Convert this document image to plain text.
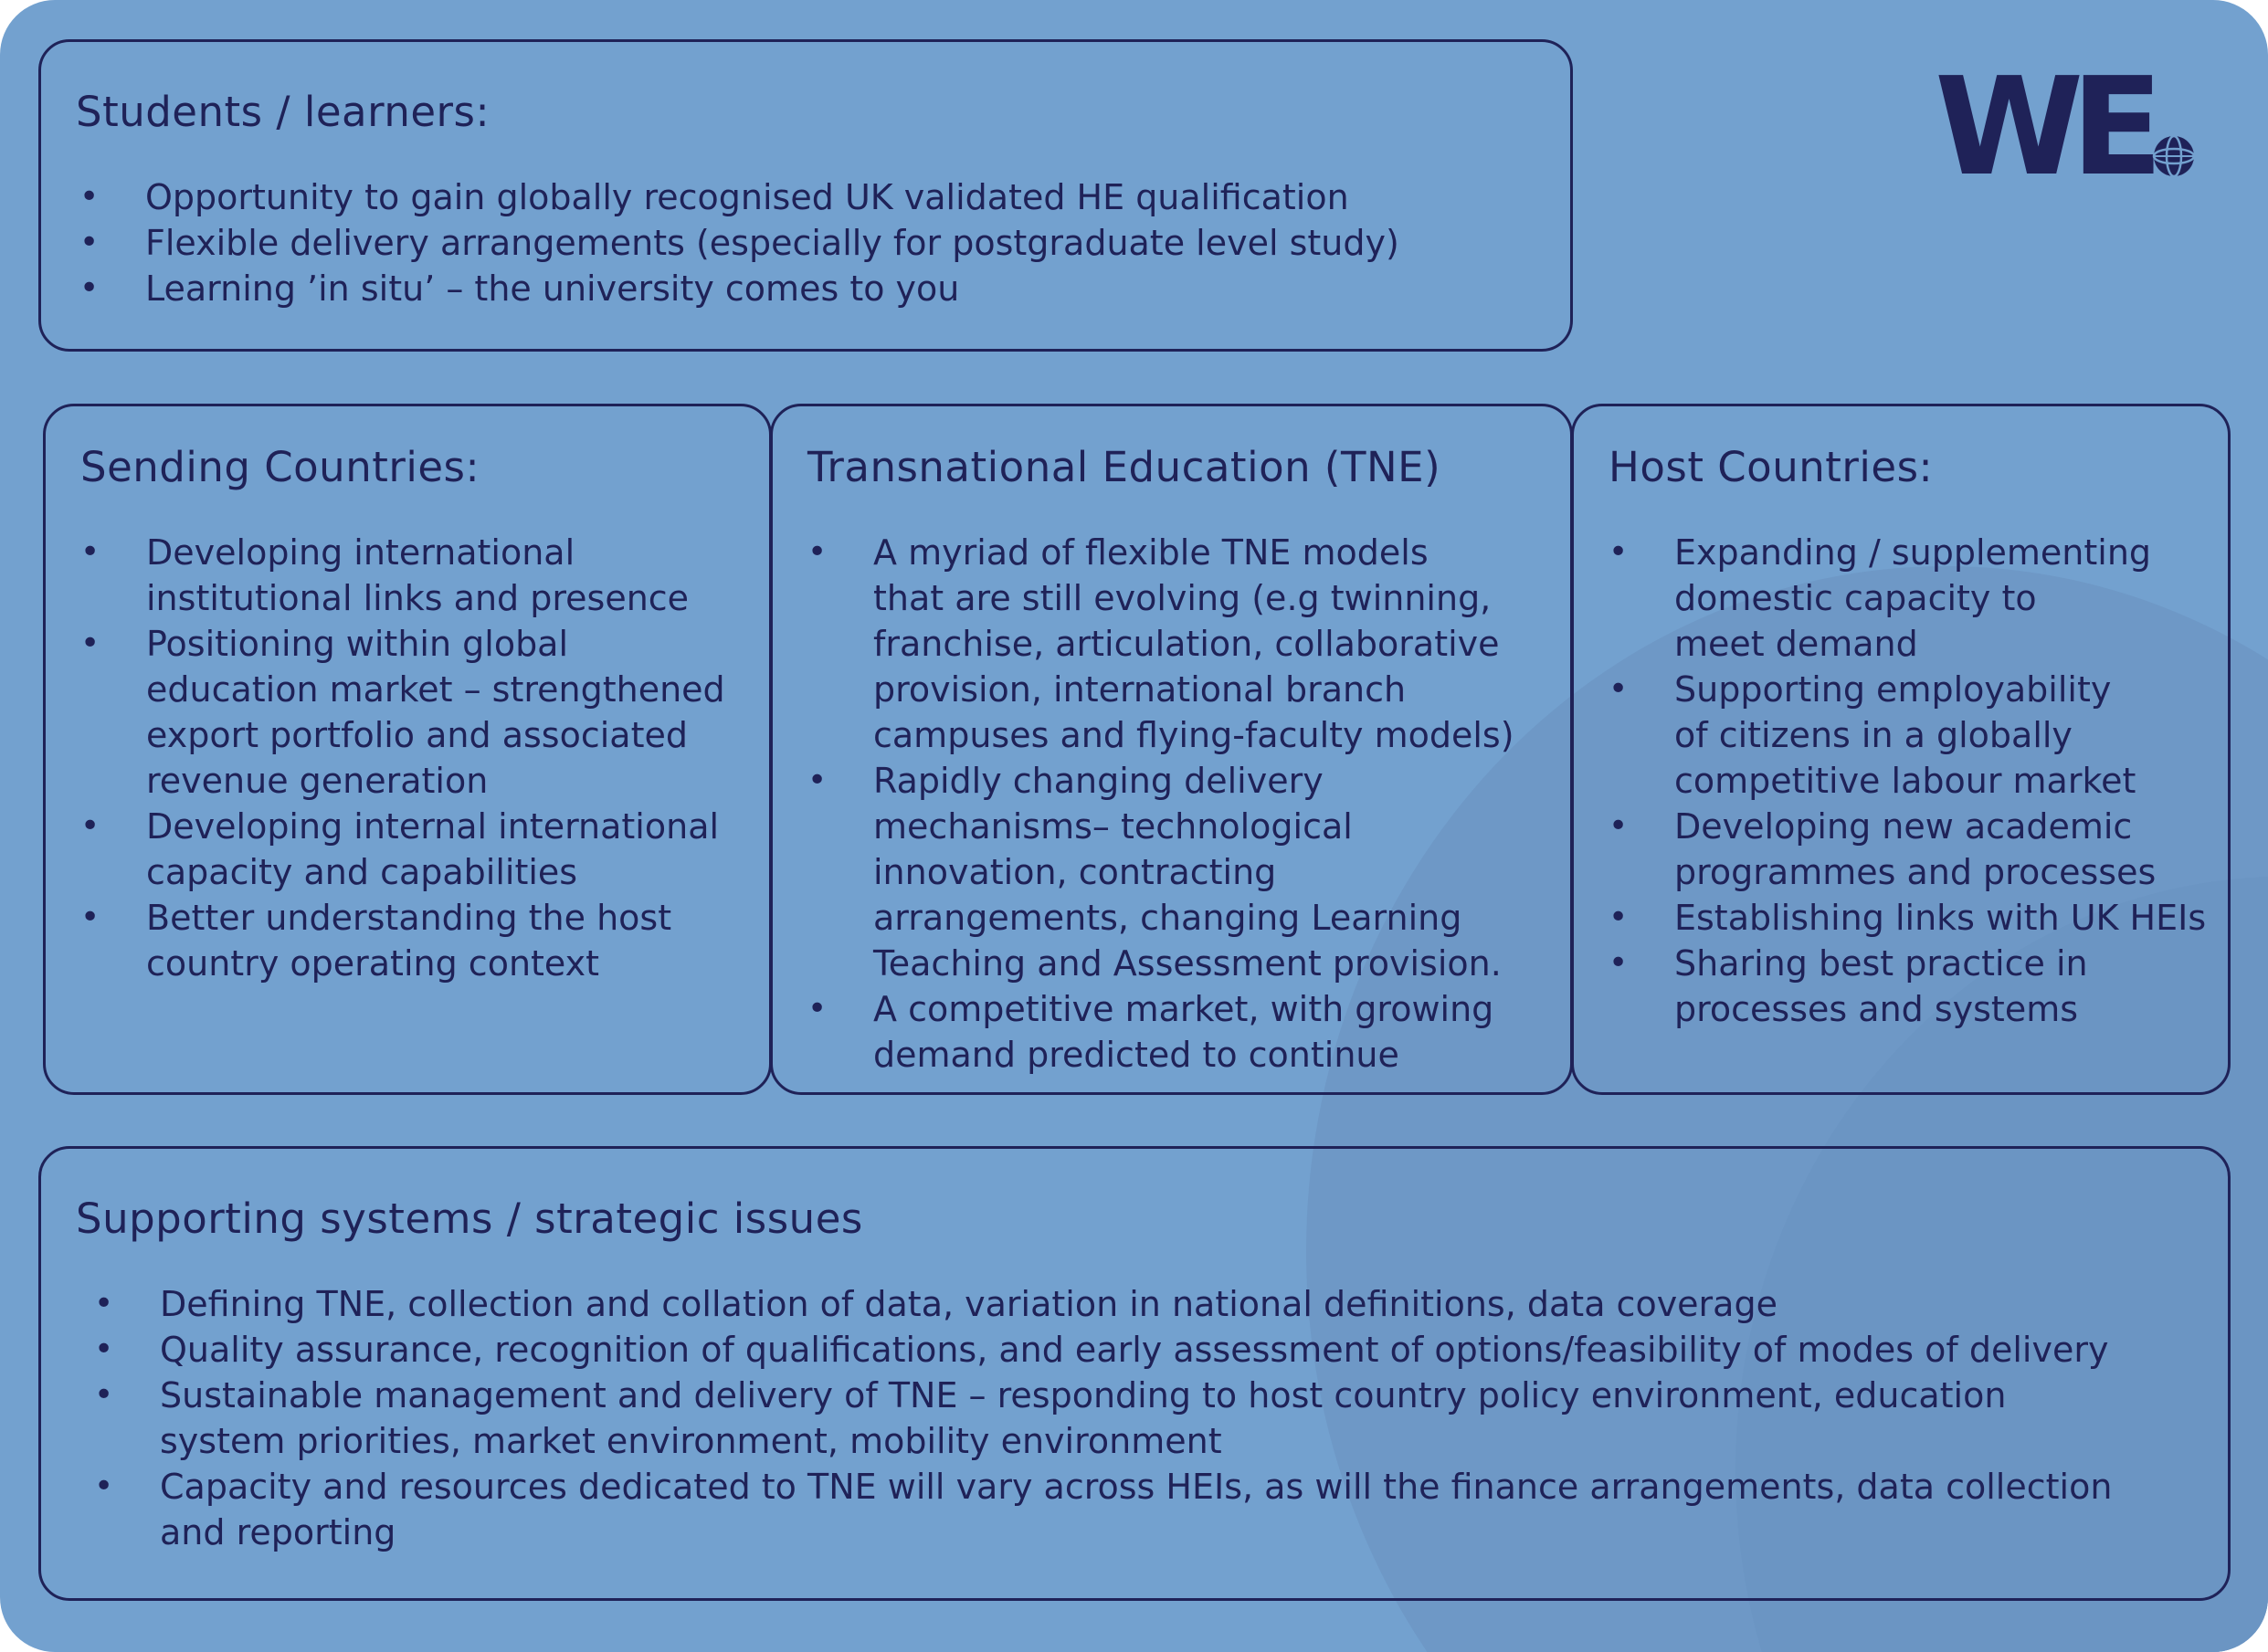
Students / learners:
• Opportunity to gain globally recognised UK validated HE qualification
• Flexible delivery arrangements (especially for postgraduate level study)
• Learning ’in situ’ – the university comes to you
WE
Sending Countries:
• Developing international
institutional links and presence
• Positioning within global
education market – strengthened
export portfolio and associated
revenue generation
• Developing internal international
capacity and capabilities
• Better understanding the host
country operating context
Transnational Education (TNE)
• A myriad of flexible TNE models
that are still evolving (e.g twinning,
franchise, articulation, collaborative
provision, international branch
campuses and flying-faculty models)
• Rapidly changing delivery
mechanisms– technological
innovation, contracting
arrangements, changing Learning
Teaching and Assessment provision.
• A competitive market, with growing
demand predicted to continue
Host Countries:
• Expanding / supplementing
domestic capacity to
meet demand
• Supporting employability
of citizens in a globally
competitive labour market
• Developing new academic
programmes and processes
• Establishing links with UK HEIs
• Sharing best practice in
processes and systems
Supporting systems / strategic issues
• Defining TNE, collection and collation of data, variation in national definitions, data coverage
• Quality assurance, recognition of qualifications, and early assessment of options/feasibility of modes of delivery
• Sustainable management and delivery of TNE – responding to host country policy environment, education
system priorities, market environment, mobility environment
• Capacity and resources dedicated to TNE will vary across HEIs, as will the finance arrangements, data collection
and reporting
